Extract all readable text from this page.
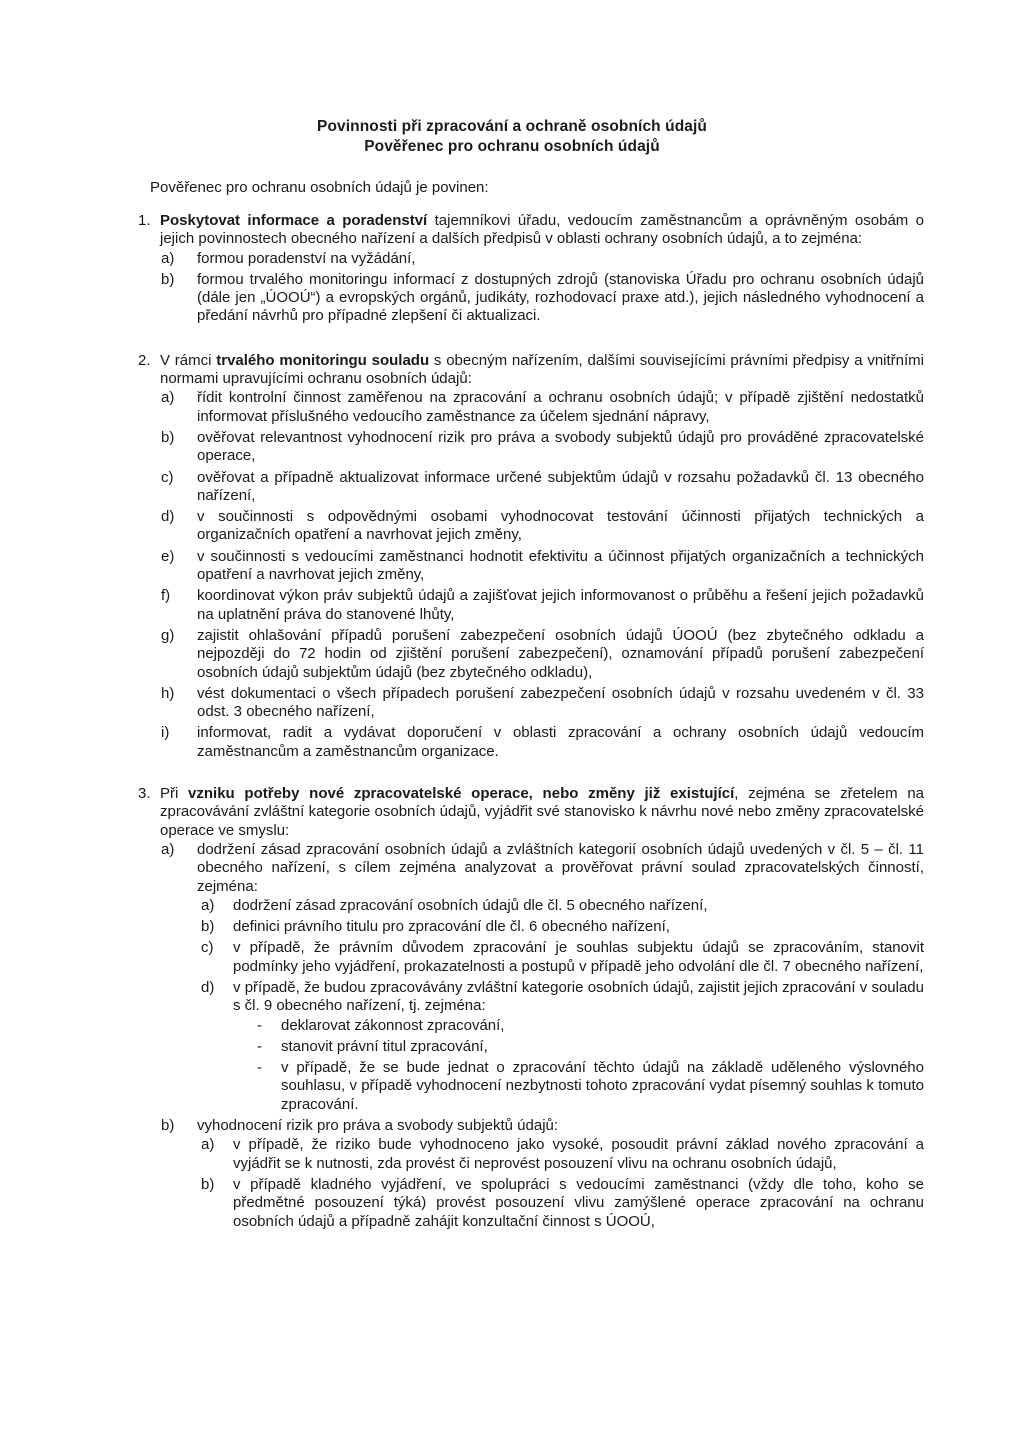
Povinnosti při zpracování a ochraně osobních údajů
Pověřenec pro ochranu osobních údajů
Pověřenec pro ochranu osobních údajů je povinen:
1. Poskytovat informace a poradenství tajemníkovi úřadu, vedoucím zaměstnancům a oprávněným osobám o jejich povinnostech obecného nařízení a dalších předpisů v oblasti ochrany osobních údajů, a to zejména:
a) formou poradenství na vyžádání,
b) formou trvalého monitoringu informací z dostupných zdrojů (stanoviska Úřadu pro ochranu osobních údajů (dále jen „ÚOOÚ“) a evropských orgánů, judikáty, rozhodovací praxe atd.), jejich následného vyhodnocení a předání návrhů pro případné zlepšení či aktualizaci.
2. V rámci trvalého monitoringu souladu s obecným nařízením, dalšími souvisejícími právními předpisy a vnitřními normami upravujícími ochranu osobních údajů:
a) řídit kontrolní činnost zaměřenou na zpracování a ochranu osobních údajů; v případě zjištění nedostatků informovat příslušného vedoucího zaměstnance za účelem sjednání nápravy,
b) ověřovat relevantnost vyhodnocení rizik pro práva a svobody subjektů údajů pro prováděné zpracovatelské operace,
c) ověřovat a případně aktualizovat informace určené subjektům údajů v rozsahu požadavků čl. 13 obecného nařízení,
d) v součinnosti s odpovědnými osobami vyhodnocovat testování účinnosti přijatých technických a organizačních opatření a navrhovat jejich změny,
e) v součinnosti s vedoucími zaměstnanci hodnotit efektivitu a účinnost přijatých organizačních a technických opatření a navrhovat jejich změny,
f) koordinovat výkon práv subjektů údajů a zajišťovat jejich informovanost o průběhu a řešení jejich požadavků na uplatnění práva do stanovené lhůty,
g) zajistit ohlašování případů porušení zabezpečení osobních údajů ÚOOÚ (bez zbytečného odkladu a nejpozději do 72 hodin od zjištění porušení zabezpečení), oznamování případů porušení zabezpečení osobních údajů subjektům údajů (bez zbytečného odkladu),
h) vést dokumentaci o všech případech porušení zabezpečení osobních údajů v rozsahu uvedeném v čl. 33 odst. 3 obecného nařízení,
i) informovat, radit a vydávat doporučení v oblasti zpracování a ochrany osobních údajů vedoucím zaměstnancům a zaměstnancům organizace.
3. Při vzniku potřeby nové zpracovatelské operace, nebo změny již existující, zejména se zřetelem na zpracovávání zvláštní kategorie osobních údajů, vyjádřit své stanovisko k návrhu nové nebo změny zpracovatelské operace ve smyslu:
a) dodržení zásad zpracování osobních údajů a zvláštních kategorií osobních údajů uvedených v čl. 5 – čl. 11 obecného nařízení, s cílem zejména analyzovat a prověřovat právní soulad zpracovatelských činností, zejména:
a) dodržení zásad zpracování osobních údajů dle čl. 5 obecného nařízení,
b) definici právního titulu pro zpracování dle čl. 6 obecného nařízení,
c) v případě, že právním důvodem zpracování je souhlas subjektu údajů se zpracováním, stanovit podmínky jeho vyjádření, prokazatelnosti a postupů v případě jeho odvolání dle čl. 7 obecného nařízení,
d) v případě, že budou zpracovávány zvláštní kategorie osobních údajů, zajistit jejich zpracování v souladu s čl. 9 obecného nařízení, tj. zejména:
- deklarovat zákonnost zpracování,
- stanovit právní titul zpracování,
- v případě, že se bude jednat o zpracování těchto údajů na základě uděleného výslovného souhlasu, v případě vyhodnocení nezbytnosti tohoto zpracování vydat písemný souhlas k tomuto zpracování.
b) vyhodnocení rizik pro práva a svobody subjektů údajů:
a) v případě, že riziko bude vyhodnoceno jako vysoké, posoudit právní základ nového zpracování a vyjádřit se k nutnosti, zda provést či neprovést posouzení vlivu na ochranu osobních údajů,
b) v případě kladného vyjádření, ve spolupráci s vedoucími zaměstnanci (vždy dle toho, koho se předmětné posouzení týká) provést posouzení vlivu zamýšlené operace zpracování na ochranu osobních údajů a případně zahájit konzultační činnost s ÚOOÚ,
